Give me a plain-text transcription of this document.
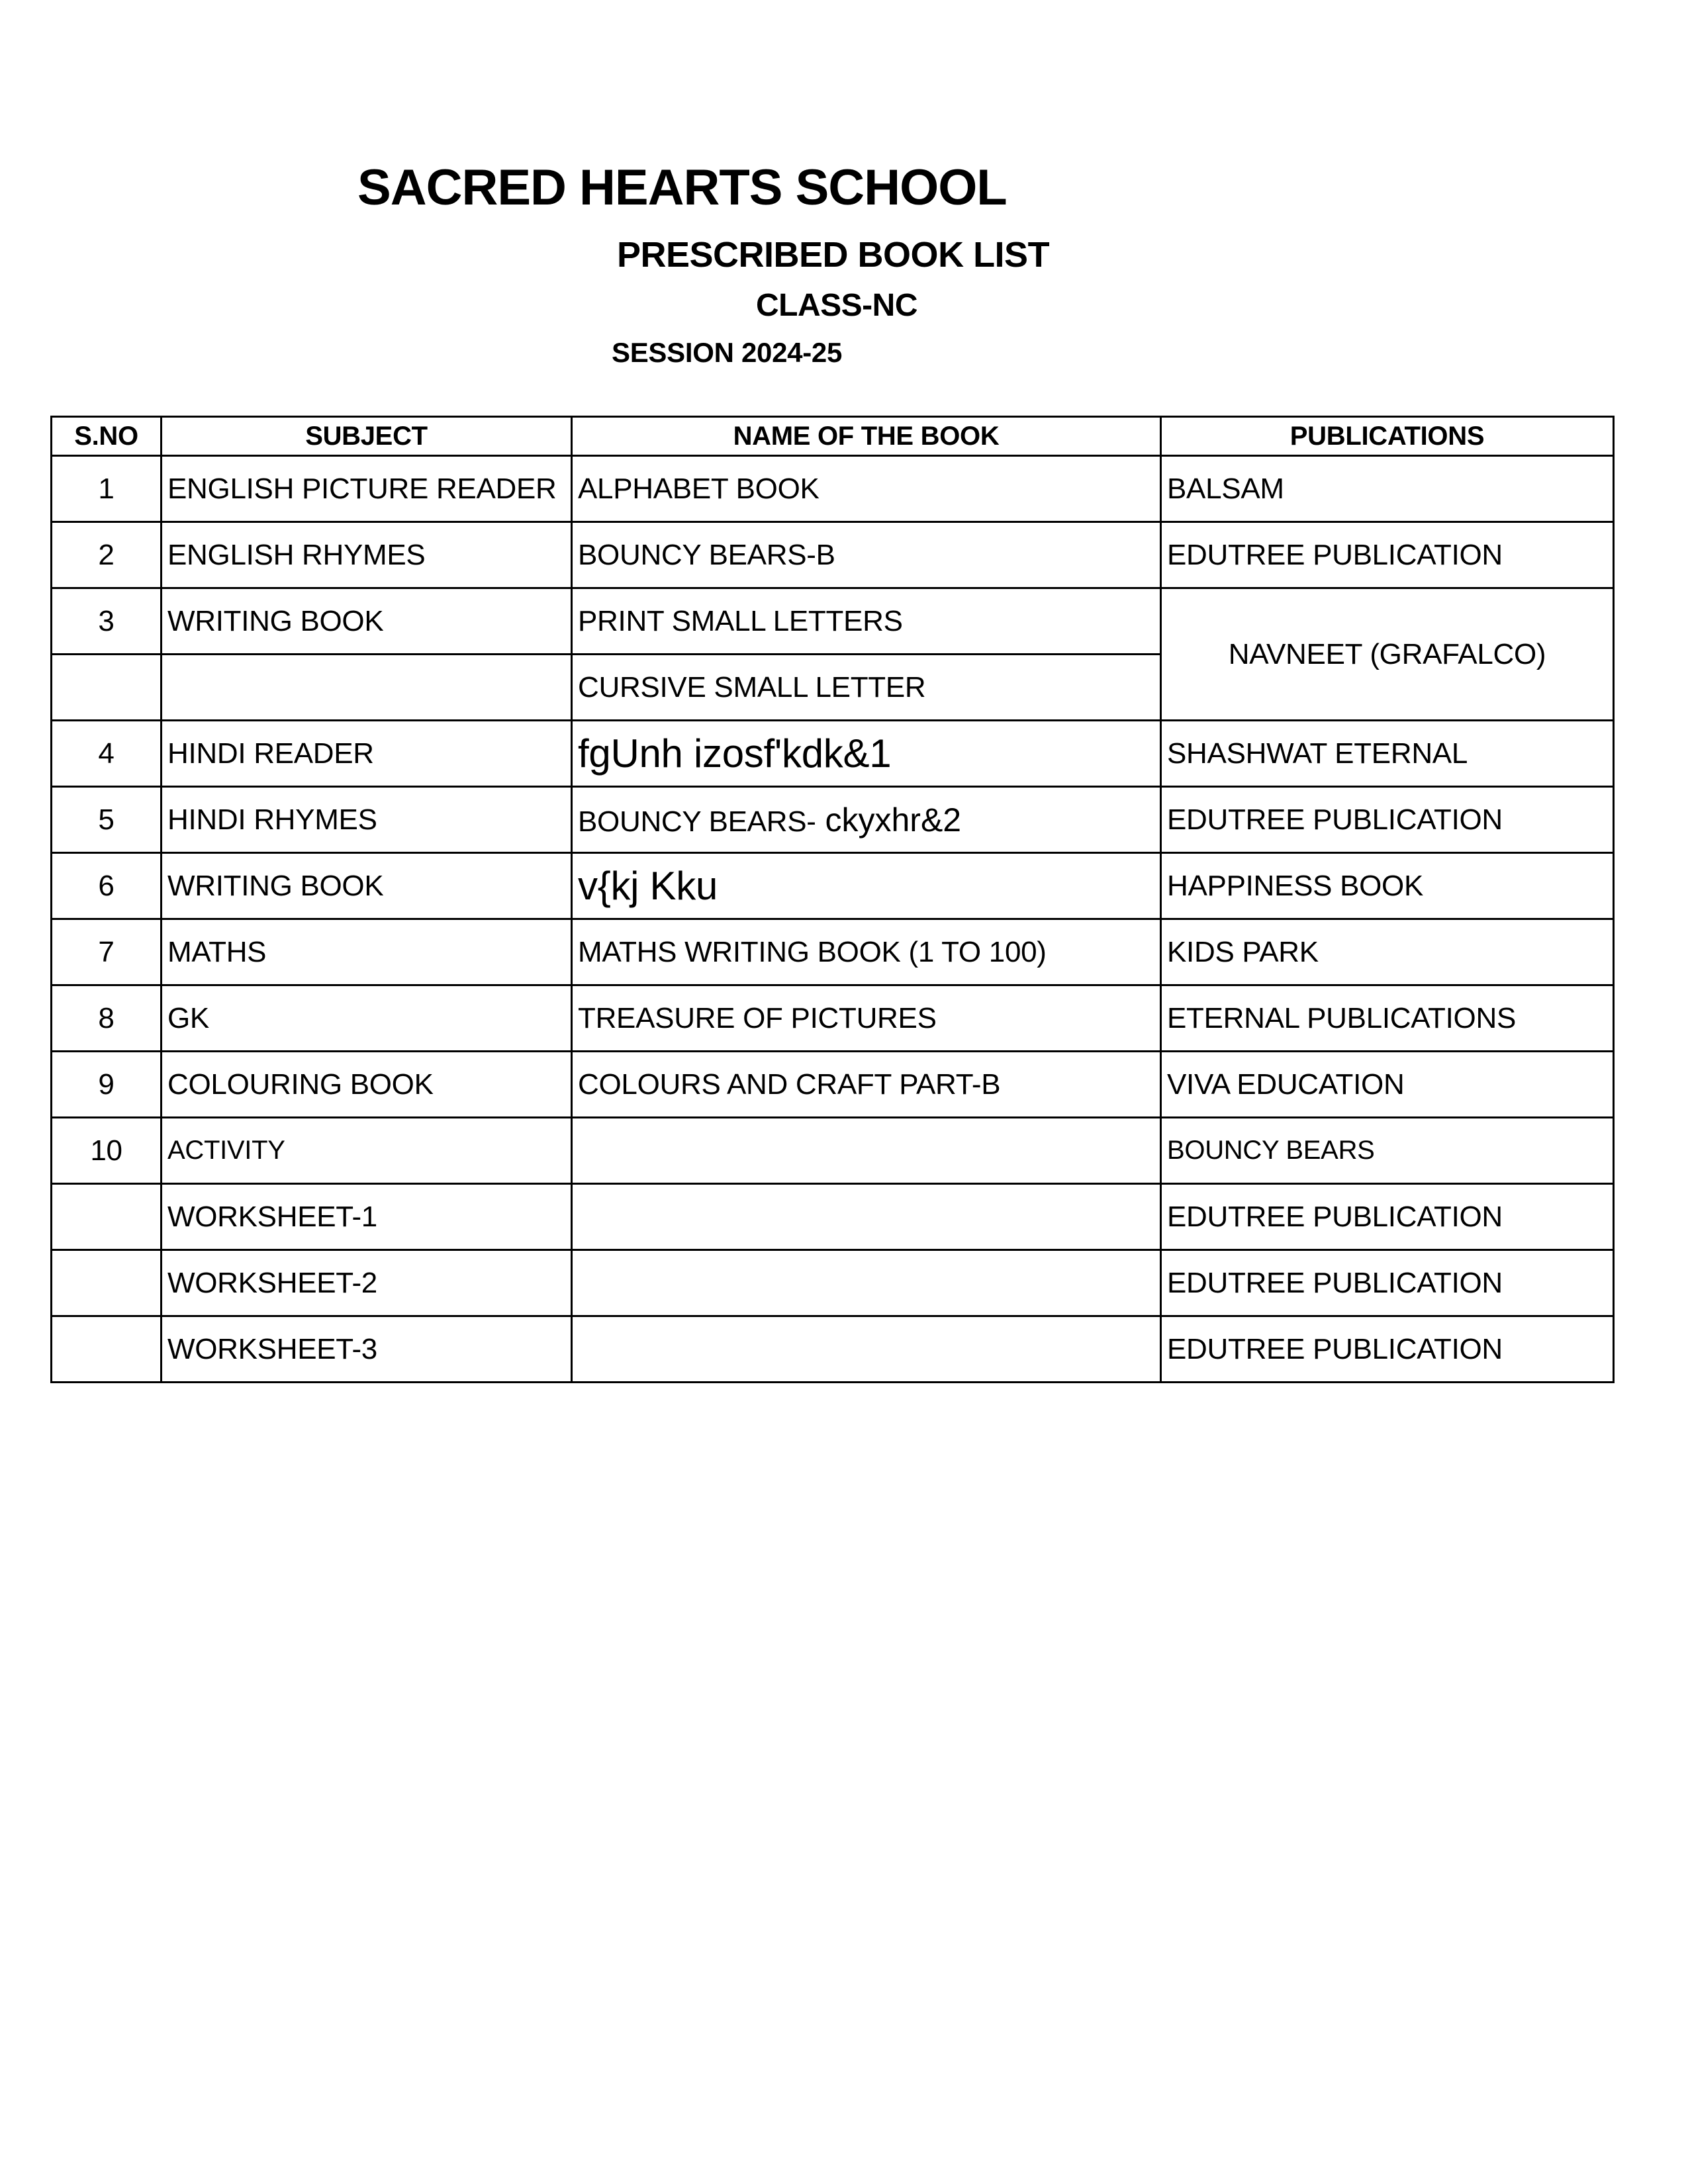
SACRED HEARTS SCHOOL
PRESCRIBED BOOK LIST
CLASS-NC
SESSION 2024-25
S.NO	SUBJECT	NAME OF THE BOOK	PUBLICATIONS
1	ENGLISH PICTURE READER	ALPHABET BOOK	BALSAM
2	ENGLISH RHYMES	BOUNCY BEARS-B	EDUTREE PUBLICATION
3	WRITING BOOK	PRINT SMALL LETTERS	NAVNEET (GRAFALCO)
		CURSIVE SMALL LETTER	
4	HINDI READER	fgUnh izosf'kdk&1	SHASHWAT ETERNAL
5	HINDI RHYMES	BOUNCY BEARS- ckyxhr&2	EDUTREE PUBLICATION
6	WRITING BOOK	v{kj Kku	HAPPINESS BOOK
7	MATHS	MATHS WRITING BOOK (1 TO 100)	KIDS PARK
8	GK	TREASURE OF PICTURES	ETERNAL PUBLICATIONS
9	COLOURING BOOK	COLOURS AND CRAFT PART-B	VIVA EDUCATION
10	ACTIVITY		BOUNCY BEARS
	WORKSHEET-1		EDUTREE PUBLICATION
	WORKSHEET-2		EDUTREE PUBLICATION
	WORKSHEET-3		EDUTREE PUBLICATION
